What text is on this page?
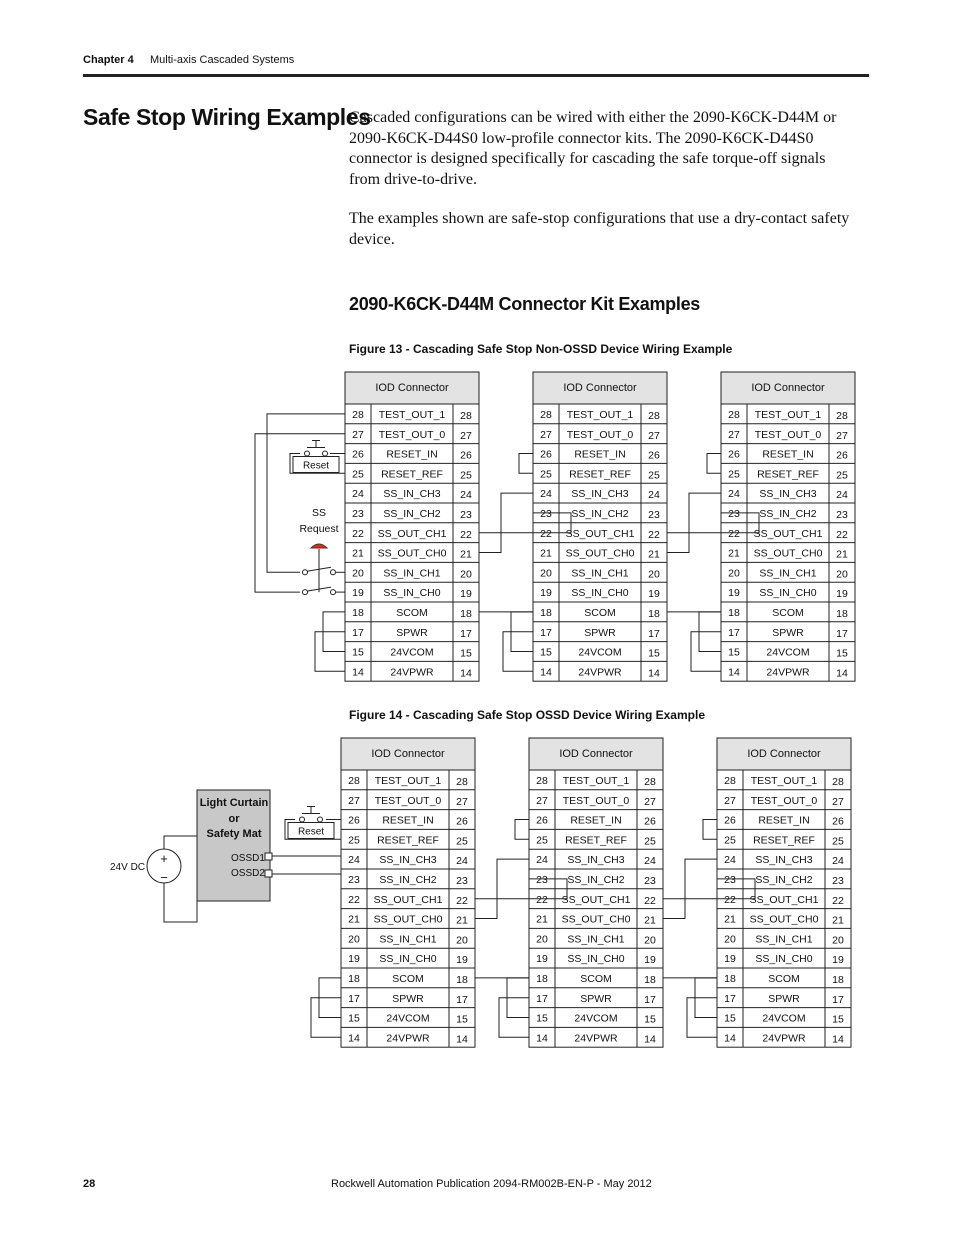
Chapter 4 Multi-axis Cascaded Systems
Safe Stop Wiring Examples

Cascaded configurations can be wired with either the 2090-K6CK-D44M or 2090-K6CK-D44S0 low-profile connector kits. The 2090-K6CK-D44S0 connector is designed specifically for cascading the safe torque-off signals from drive-to-drive.

The examples shown are safe-stop configurations that use a dry-contact safety device.

2090-K6CK-D44M Connector Kit Examples
Figure 13 - Cascading Safe Stop Non-OSSD Device Wiring Example
IOD Connector
28 TEST_OUT_1 28
27 TEST_OUT_0 27
26 RESET_IN 26
25 RESET_REF 25
24 SS_IN_CH3 24
23 SS_IN_CH2 23
22 SS_OUT_CH1 22
21 SS_OUT_CH0 21
20 SS_IN_CH1 20
19 SS_IN_CH0 19
18	SCOM	18
17	SPWR	17
15	24VCOM	15
14	24VPWR	14
IOD Connector
28 TEST_OUT_1 28
27 TEST_OUT_0 27
26 RESET_IN 26
25 RESET_REF 25
24 SS_IN_CH3 24
23 SS_IN_CH2 23
22 SS_OUT_CH1 22
21 SS_OUT_CH0 21
20 SS_IN_CH1 20
19 SS_IN_CH0 19
18	SCOM	18
17	SPWR	17
15	24VCOM	15
14	24VPWR	14
IOD Connector
28 TEST_OUT_1 28
27 TEST_OUT_0 27
26 RESET_IN 26
25 RESET_REF 25
24 SS_IN_CH3 24
23 SS_IN_CH2 23
22 SS_OUT_CH1 22
21 SS_OUT_CH0 21
20 SS_IN_CH1 20
19 SS_IN_CH0 19
18	SCOM	18
17	SPWR	17
15	24VCOM	15
14	24VPWR	14
Reset
SS
Request
Figure 14 - Cascading Safe Stop OSSD Device Wiring Example
IOD Connector
28 TEST_OUT_1 28
27 TEST_OUT_0 27
26 RESET_IN 26
25 RESET_REF 25
24 SS_IN_CH3 24
23 SS_IN_CH2 23
22 SS_OUT_CH1 22
21 SS_OUT_CH0 21
20 SS_IN_CH1 20
19 SS_IN_CH0 19
18	SCOM	18
17	SPWR	17
15	24VCOM	15
14	24VPWR	14
IOD Connector
28 TEST_OUT_1 28
27 TEST_OUT_0 27
26 RESET_IN 26
25 RESET_REF 25
24 SS_IN_CH3 24
23 SS_IN_CH2 23
22 SS_OUT_CH1 22
21 SS_OUT_CH0 21
20 SS_IN_CH1 20
19 SS_IN_CH0 19
18	SCOM	18
17	SPWR	17
15	24VCOM	15
14	24VPWR	14
IOD Connector
28 TEST_OUT_1 28
27 TEST_OUT_0 27
26 RESET_IN 26
25 RESET_REF 25
24 SS_IN_CH3 24
23 SS_IN_CH2 23
22 SS_OUT_CH1 22
21 SS_OUT_CH0 21
20 SS_IN_CH1 20
19 SS_IN_CH0 19
18	SCOM	18
17	SPWR	17
15	24VCOM	15
14	24VPWR	14
Light Curtain
or
Safety Mat
OSSD1
OSSD2
Reset
+
−
24V DC
28	Rockwell Automation Publication 2094-RM002B-EN-P - May 2012
